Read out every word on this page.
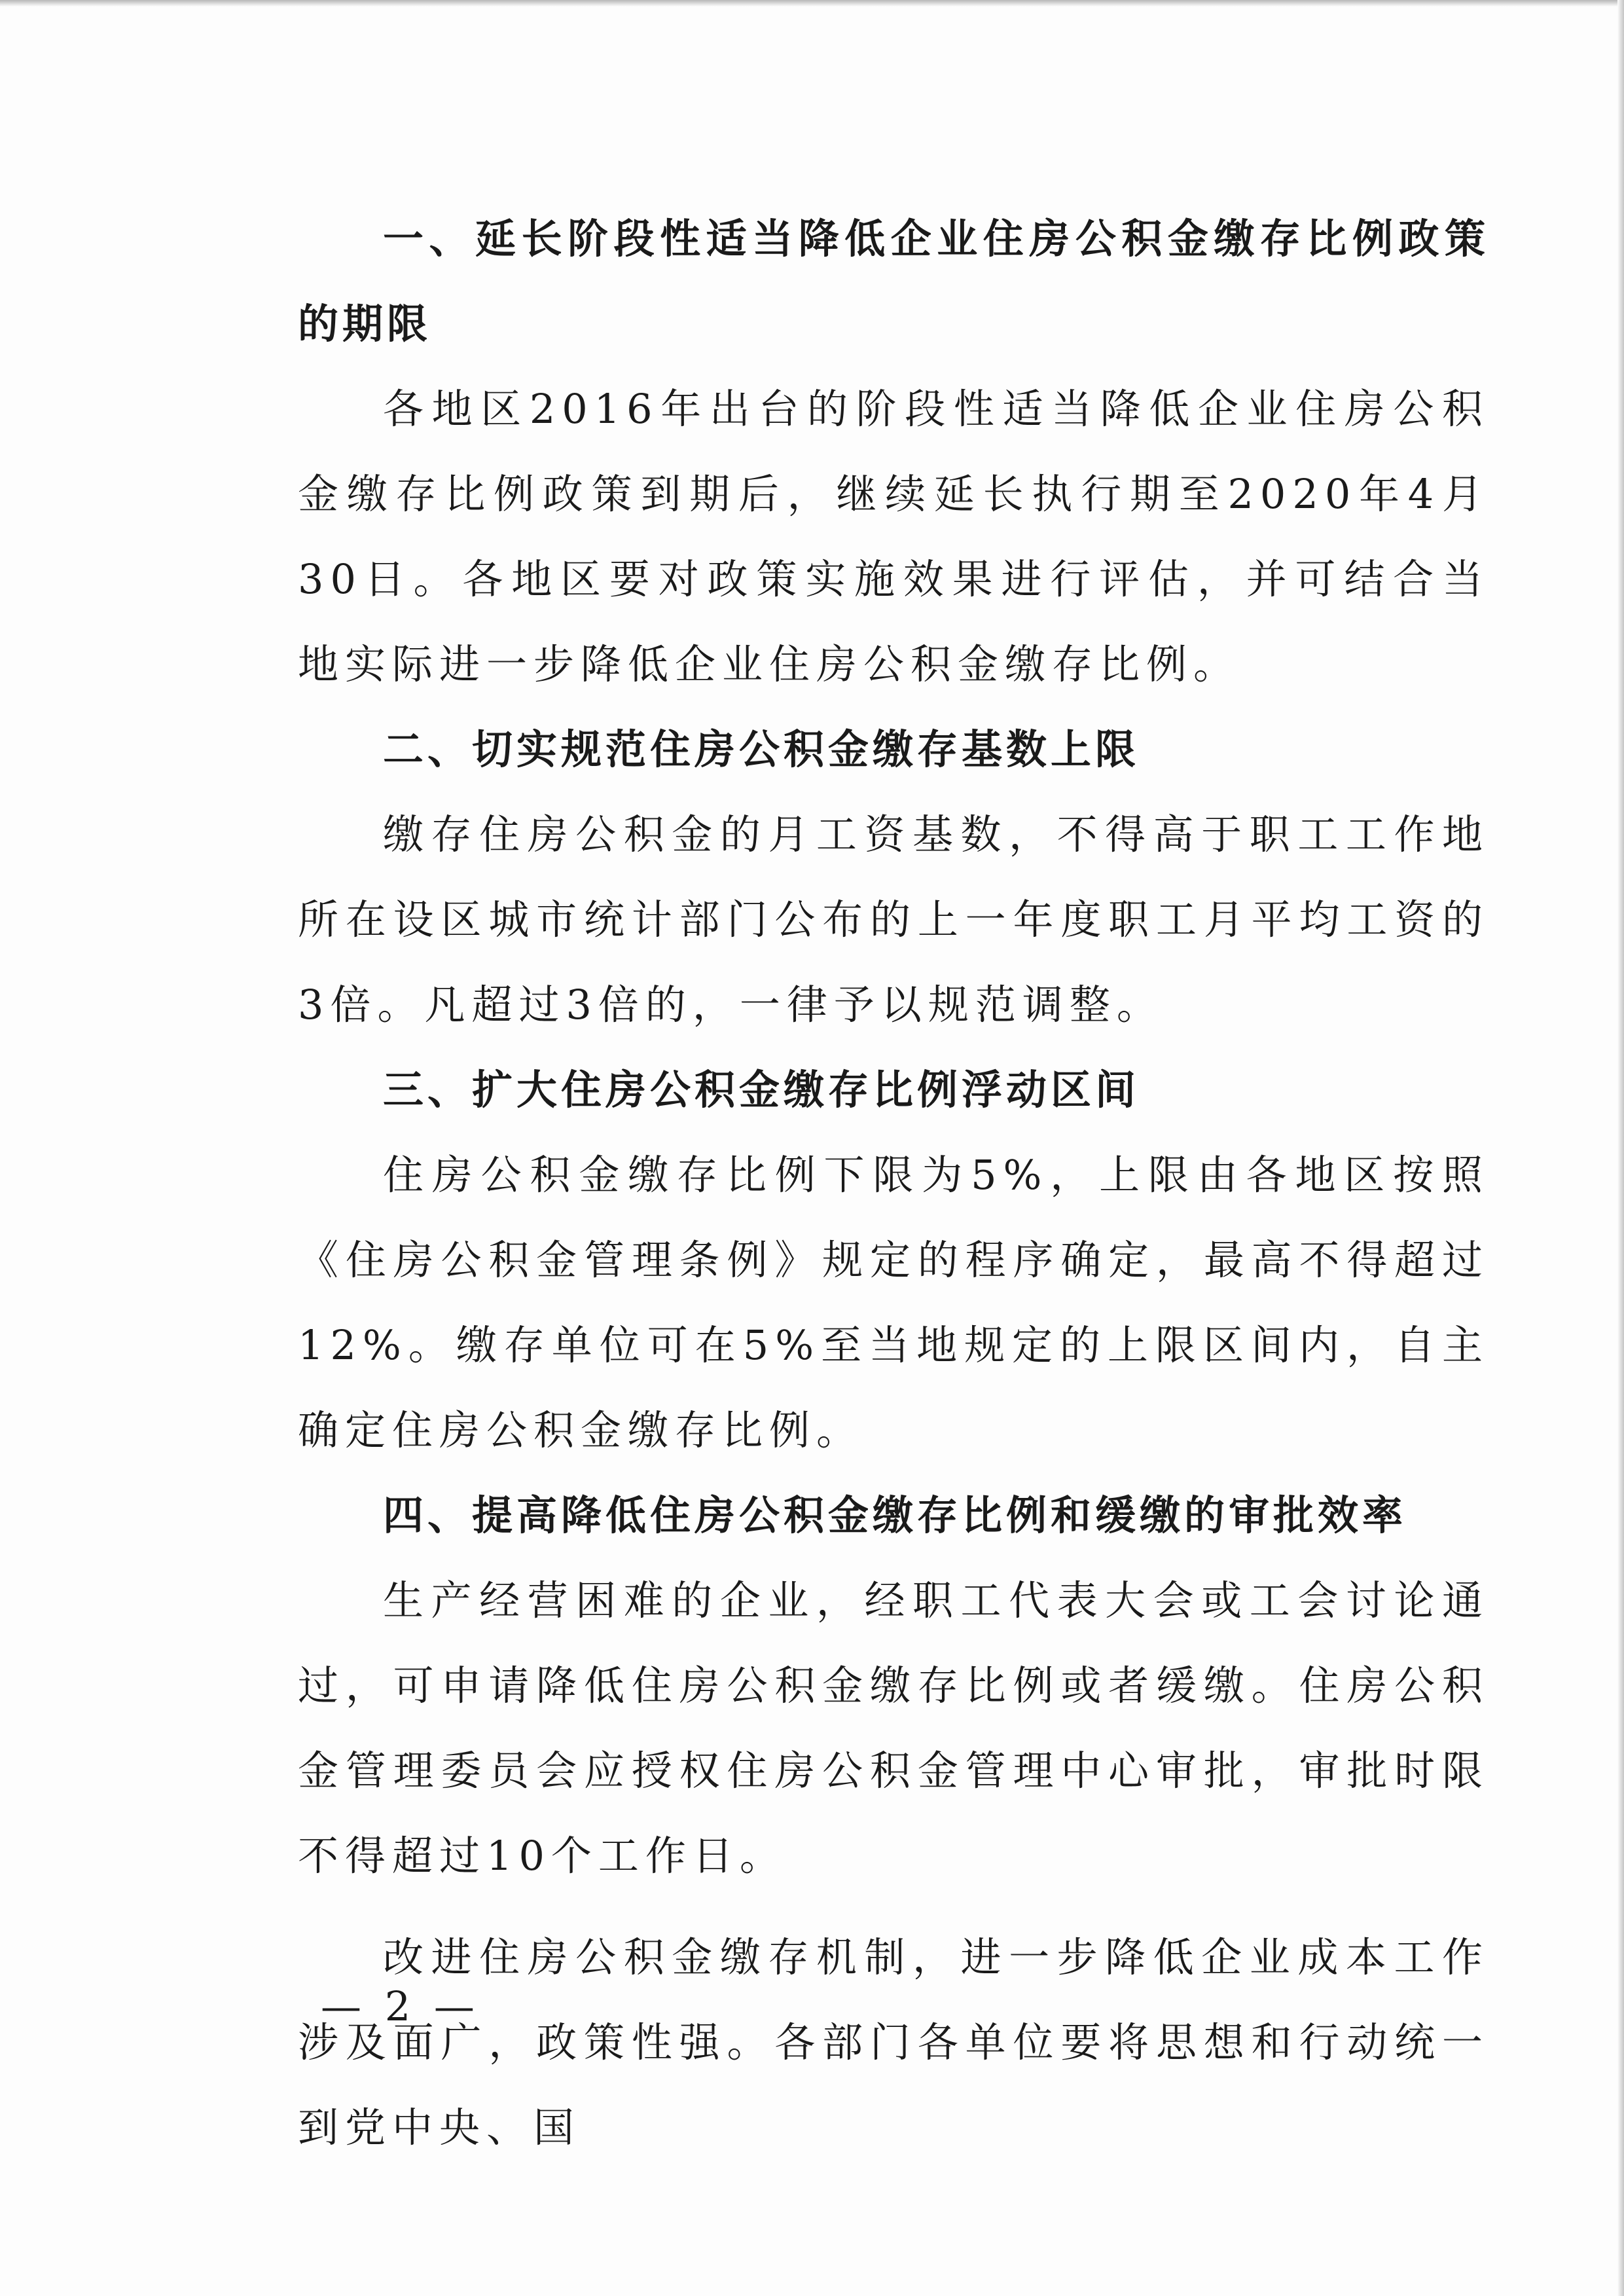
一、延长阶段性适当降低企业住房公积金缴存比例政策的期限

各地区2016年出台的阶段性适当降低企业住房公积金缴存比例政策到期后，继续延长执行期至2020年4月30日。各地区要对政策实施效果进行评估，并可结合当地实际进一步降低企业住房公积金缴存比例。

二、切实规范住房公积金缴存基数上限

缴存住房公积金的月工资基数，不得高于职工工作地所在设区城市统计部门公布的上一年度职工月平均工资的3倍。凡超过3倍的，一律予以规范调整。

三、扩大住房公积金缴存比例浮动区间

住房公积金缴存比例下限为5%，上限由各地区按照《住房公积金管理条例》规定的程序确定，最高不得超过12%。缴存单位可在5%至当地规定的上限区间内，自主确定住房公积金缴存比例。

四、提高降低住房公积金缴存比例和缓缴的审批效率

生产经营困难的企业，经职工代表大会或工会讨论通过，可申请降低住房公积金缴存比例或者缓缴。住房公积金管理委员会应授权住房公积金管理中心审批，审批时限不得超过10个工作日。

改进住房公积金缴存机制，进一步降低企业成本工作涉及面广，政策性强。各部门各单位要将思想和行动统一到党中央、国

— 2 —
